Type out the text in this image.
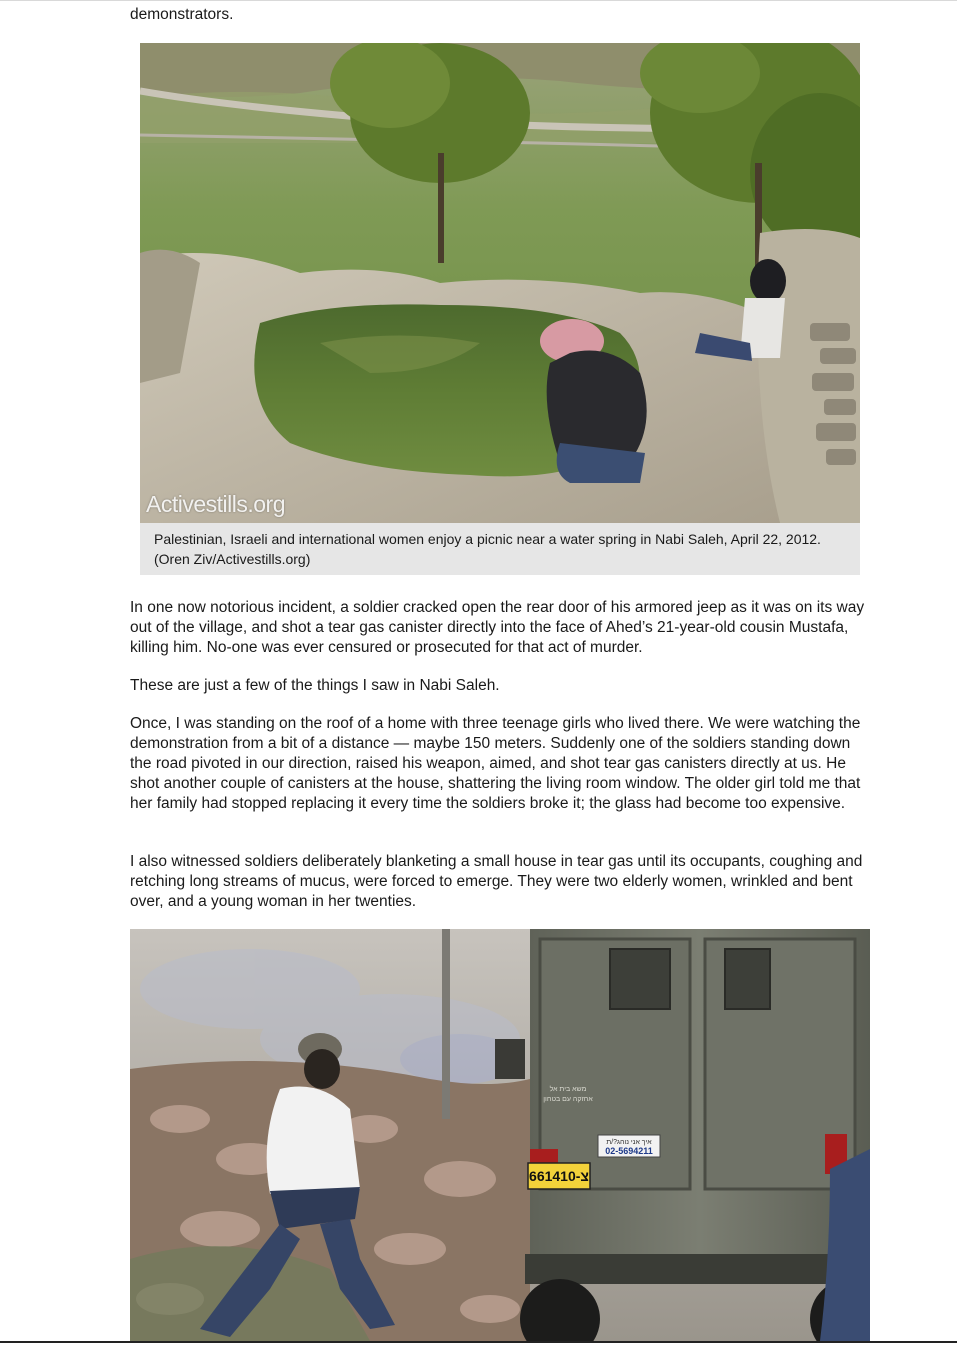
demonstrators.

Activestills.org
Palestinian, Israeli and international women enjoy a picnic near a water spring in Nabi Saleh, April 22, 2012. (Oren Ziv/Activestills.org)

In one now notorious incident, a soldier cracked open the rear door of his armored jeep as it was on its way out of the village, and shot a tear gas canister directly into the face of Ahed’s 21-year-old cousin Mustafa, killing him. No-one was ever censured or prosecuted for that act of murder.

These are just a few of the things I saw in Nabi Saleh.

Once, I was standing on the roof of a home with three teenage girls who lived there. We were watching the demonstration from a bit of a distance — maybe 150 meters. Suddenly one of the soldiers standing down the road pivoted in our direction, raised his weapon, aimed, and shot tear gas canisters directly at us. He shot another couple of canisters at the house, shattering the living room window. The older girl told me that her family had stopped replacing it every time the soldiers broke it; the glass had become too expensive.

I also witnessed soldiers deliberately blanketing a small house in tear gas until its occupants, coughing and retching long streams of mucus, were forced to emerge. They were two elderly women, wrinkled and bent over, and a young woman in her twenties.

661410-צ
איך אני נוהג?/ת
02-5694211
משא בית אל
אחזקה עם בטחון
